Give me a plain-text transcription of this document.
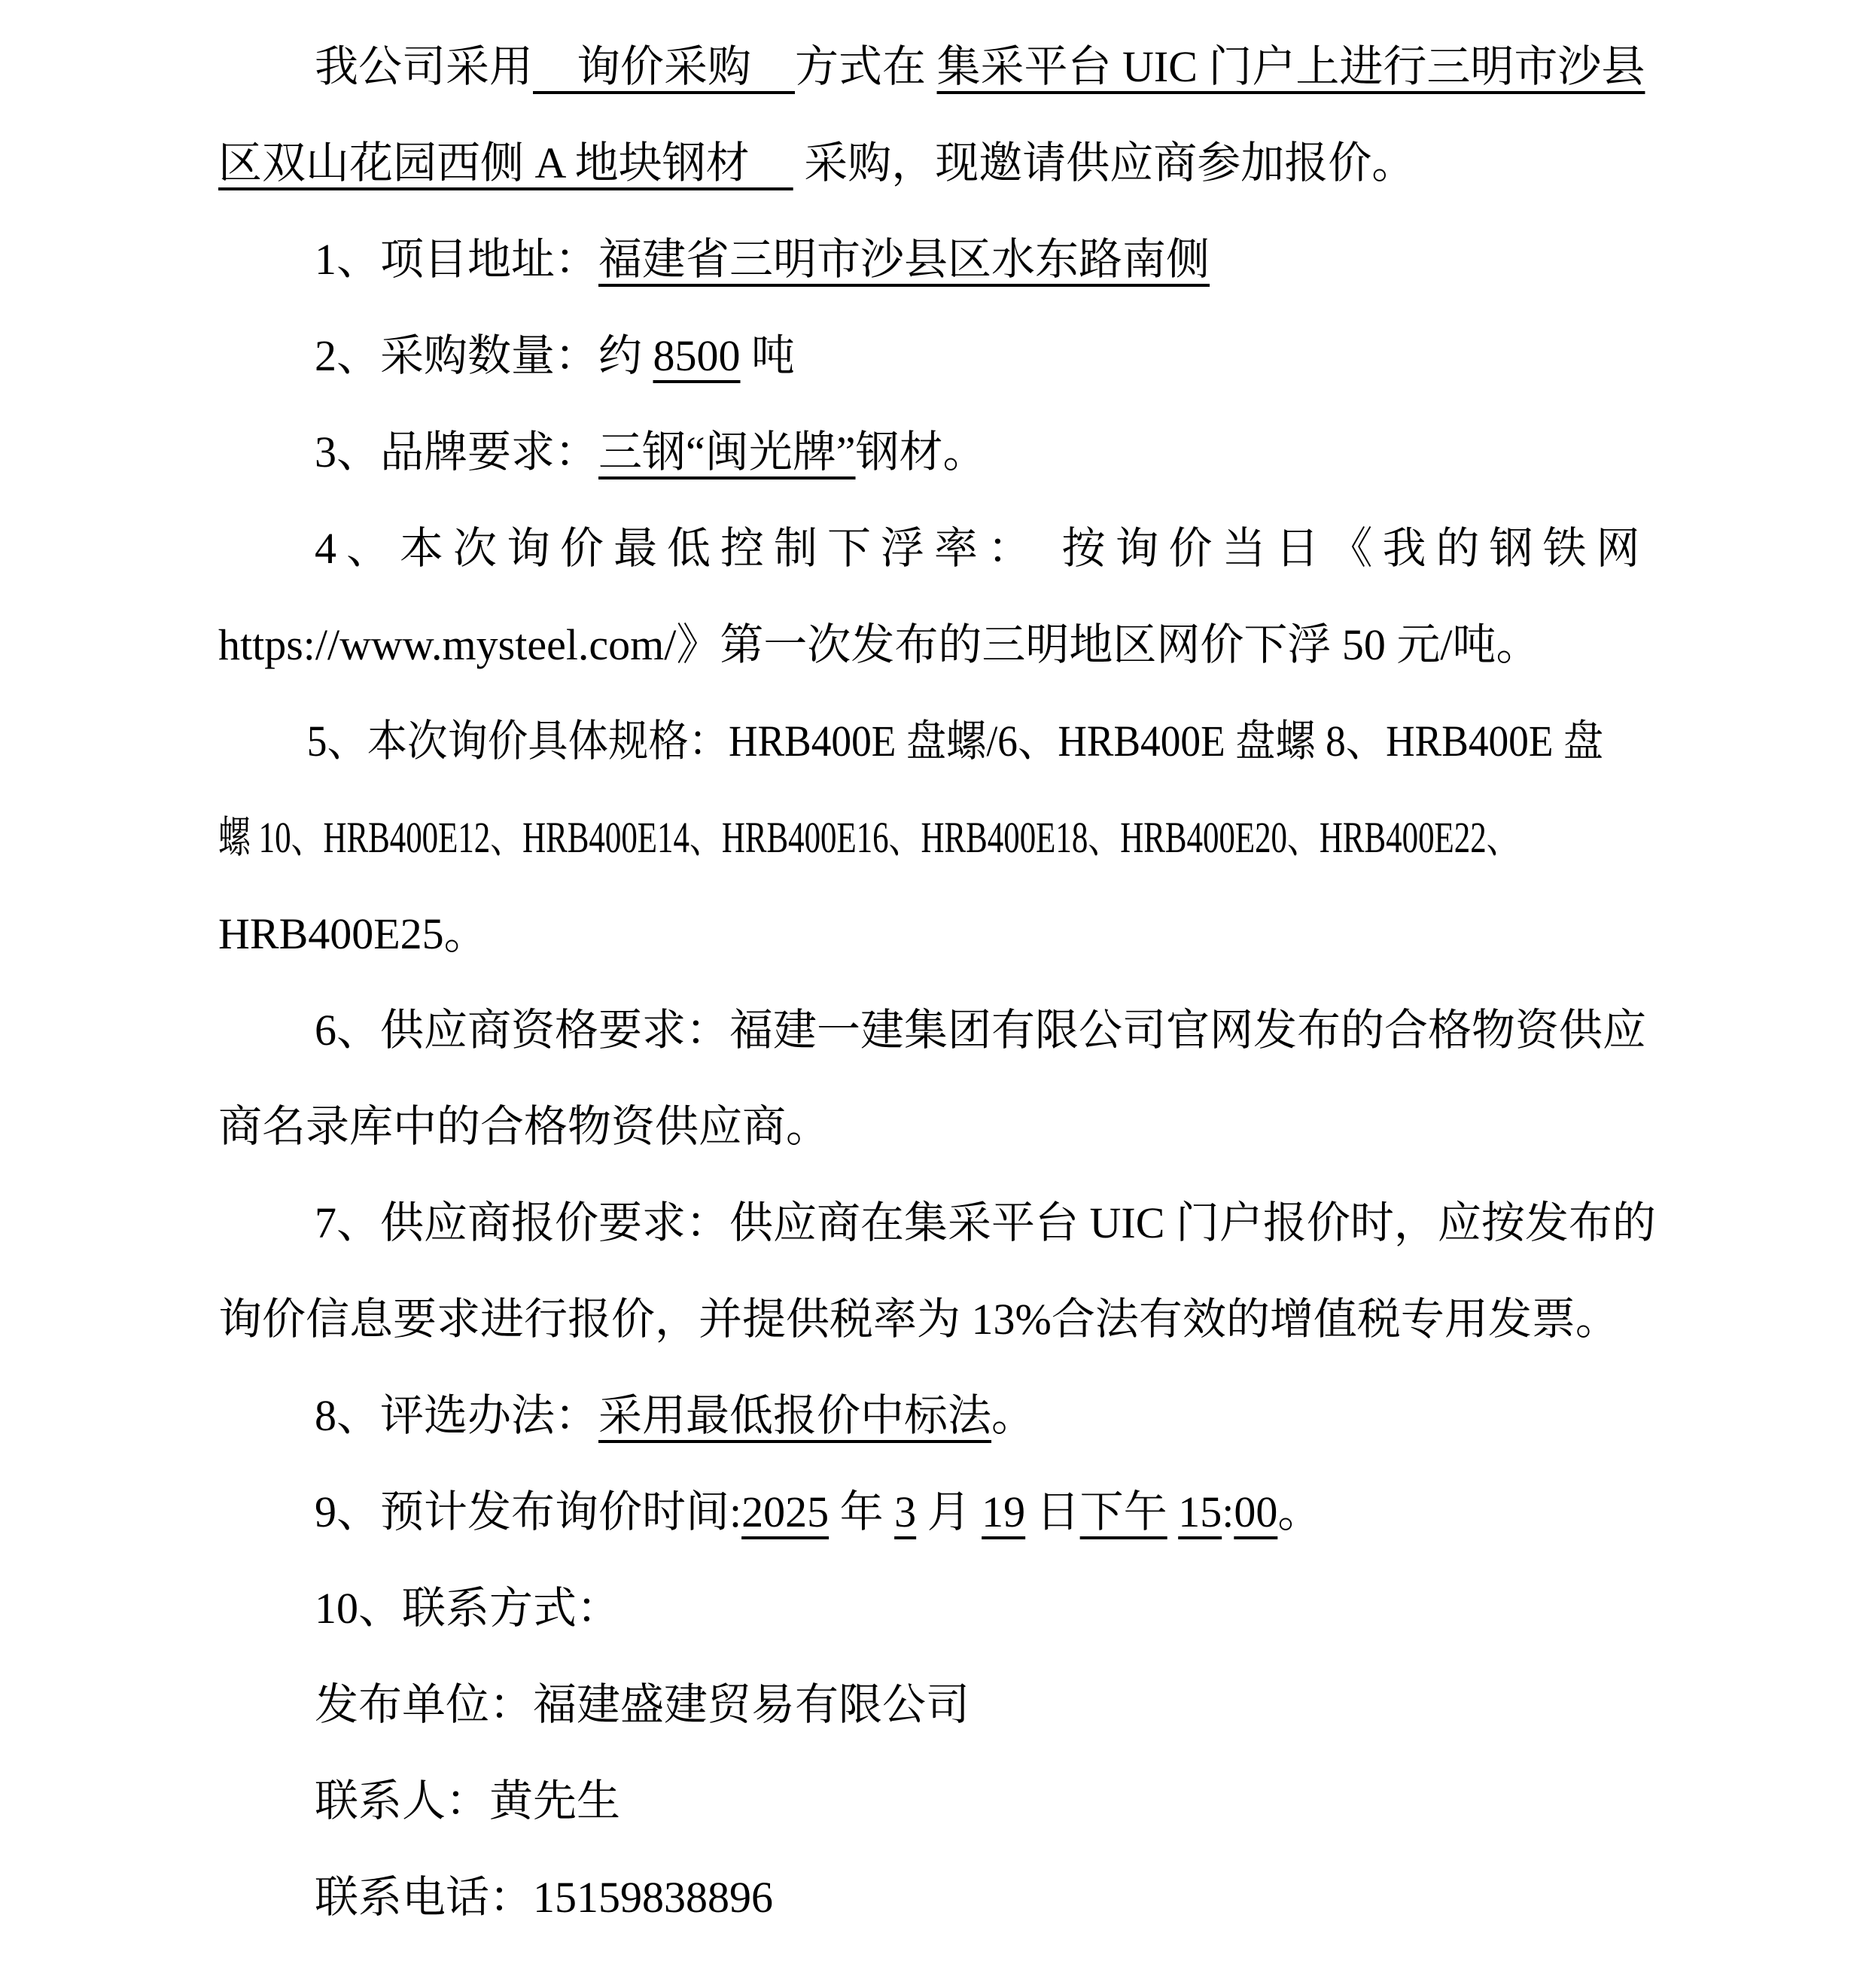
我公司采用　询价采购　方式在 集采平台 UIC 门户上进行三明市沙县
区双山花园西侧 A 地块钢材　 采购，现邀请供应商参加报价。
1、项目地址：福建省三明市沙县区水东路南侧
2、采购数量：约 8500 吨
3、品牌要求：三钢“闽光牌”钢材。
4、本次询价最低控制下浮率： 按询价当日《我的钢铁网
https://www.mysteel.com/》第一次发布的三明地区网价下浮 50 元/吨。
5、本次询价具体规格：HRB400E 盘螺/6、HRB400E 盘螺 8、HRB400E 盘
螺 10、HRB400E12、HRB400E14、HRB400E16、HRB400E18、HRB400E20、HRB400E22、
HRB400E25。
6、供应商资格要求：福建一建集团有限公司官网发布的合格物资供应
商名录库中的合格物资供应商。
7、供应商报价要求：供应商在集采平台 UIC 门户报价时，应按发布的
询价信息要求进行报价，并提供税率为 13%合法有效的增值税专用发票。
8、评选办法：采用最低报价中标法。
9、预计发布询价时间:2025 年 3 月 19 日下午 15:00。
10、联系方式：
发布单位：福建盛建贸易有限公司
联系人：黄先生
联系电话：15159838896
